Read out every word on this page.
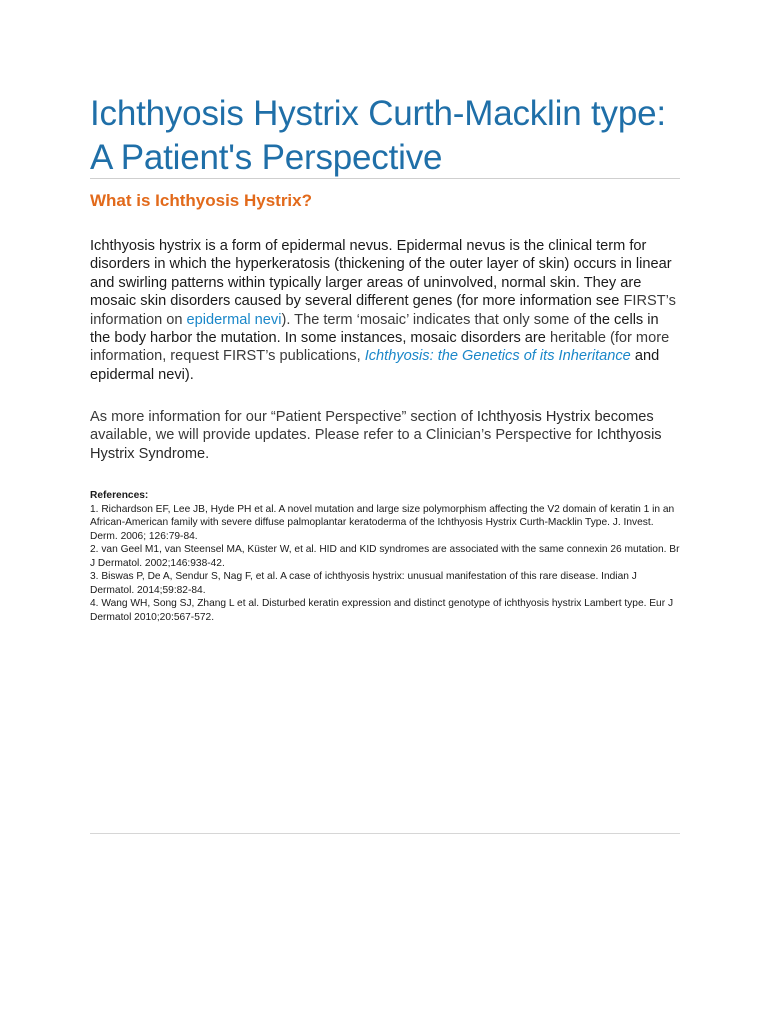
Ichthyosis Hystrix Curth-Macklin type: A Patient's Perspective
What is Ichthyosis Hystrix?

Ichthyosis hystrix is a form of epidermal nevus. Epidermal nevus is the clinical term for disorders in which the hyperkeratosis (thickening of the outer layer of skin) occurs in linear and swirling patterns within typically larger areas of uninvolved, normal skin. They are mosaic skin disorders caused by several different genes (for more information see FIRST’s information on epidermal nevi). The term ‘mosaic’ indicates that only some of the cells in the body harbor the mutation. In some instances, mosaic disorders are heritable (for more information, request FIRST’s publications, Ichthyosis: the Genetics of its Inheritance and epidermal nevi).

As more information for our “Patient Perspective” section of Ichthyosis Hystrix becomes available, we will provide updates. Please refer to a Clinician’s Perspective for Ichthyosis Hystrix Syndrome.

References:
1. Richardson EF, Lee JB, Hyde PH et al. A novel mutation and large size polymorphism affecting the V2 domain of keratin 1 in an African-American family with severe diffuse palmoplantar keratoderma of the Ichthyosis Hystrix Curth-Macklin Type. J. Invest. Derm. 2006; 126:79-84.
2. van Geel M1, van Steensel MA, Küster W, et al. HID and KID syndromes are associated with the same connexin 26 mutation. Br J Dermatol. 2002;146:938-42.
3. Biswas P, De A, Sendur S, Nag F, et al. A case of ichthyosis hystrix: unusual manifestation of this rare disease. Indian J Dermatol. 2014;59:82-84.
4. Wang WH, Song SJ, Zhang L et al. Disturbed keratin expression and distinct genotype of ichthyosis hystrix Lambert type. Eur J Dermatol 2010;20:567-572.
